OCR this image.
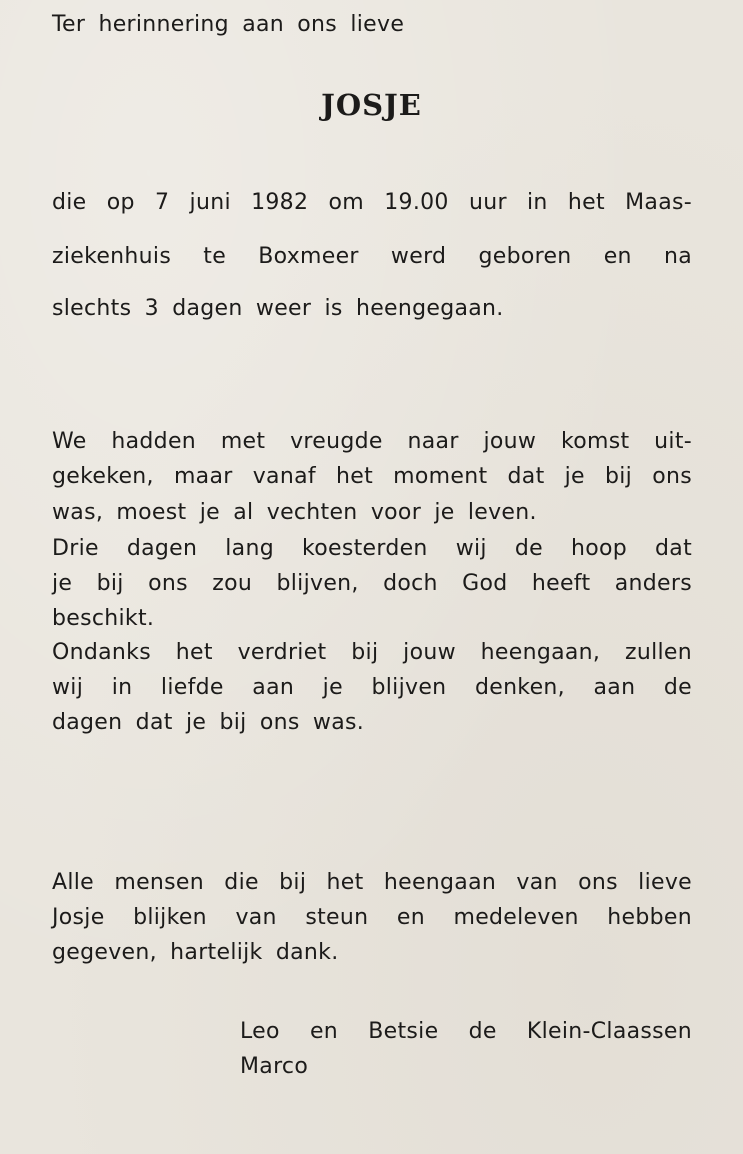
Ter herinnering aan ons lieve

JOSJE

die op 7 juni 1982 om 19.00 uur in het Maas-

ziekenhuis te Boxmeer werd geboren en na

slechts 3 dagen weer is heengegaan.

We hadden met vreugde naar jouw komst uit-

gekeken, maar vanaf het moment dat je bij ons

was, moest je al vechten voor je leven.

Drie dagen lang koesterden wij de hoop dat

je bij ons zou blijven, doch God heeft anders

beschikt.

Ondanks het verdriet bij jouw heengaan, zullen

wij in liefde aan je blijven denken, aan de

dagen dat je bij ons was.

Alle mensen die bij het heengaan van ons lieve

Josje blijken van steun en medeleven hebben

gegeven, hartelijk dank.

Leo en Betsie de Klein-Claassen

Marco
